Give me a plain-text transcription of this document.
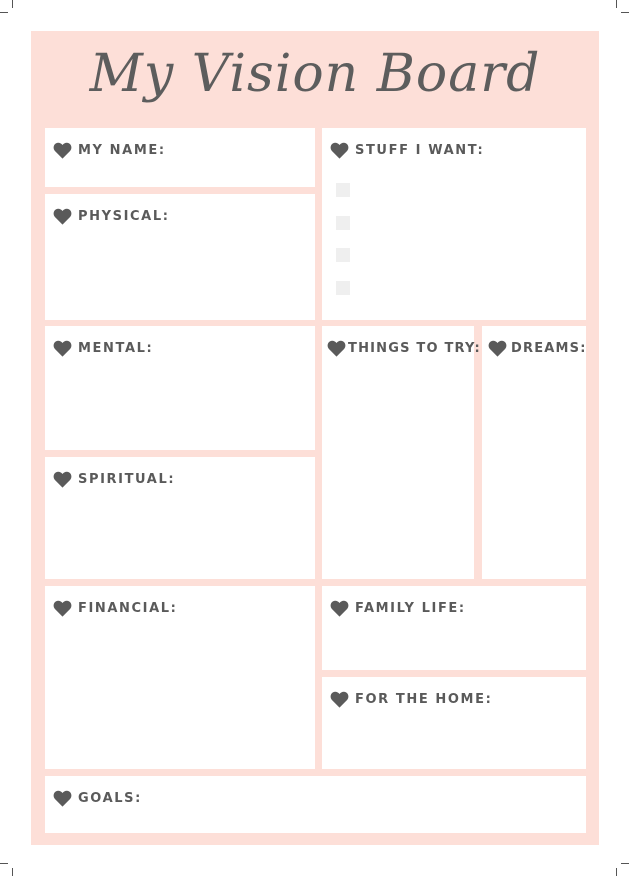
My Vision Board
MY NAME:
PHYSICAL:
STUFF I WANT:
MENTAL:
SPIRITUAL:
THINGS TO TRY: DREAMS:
FINANCIAL:	FAMILY LIFE:
FOR THE HOME:
GOALS:
